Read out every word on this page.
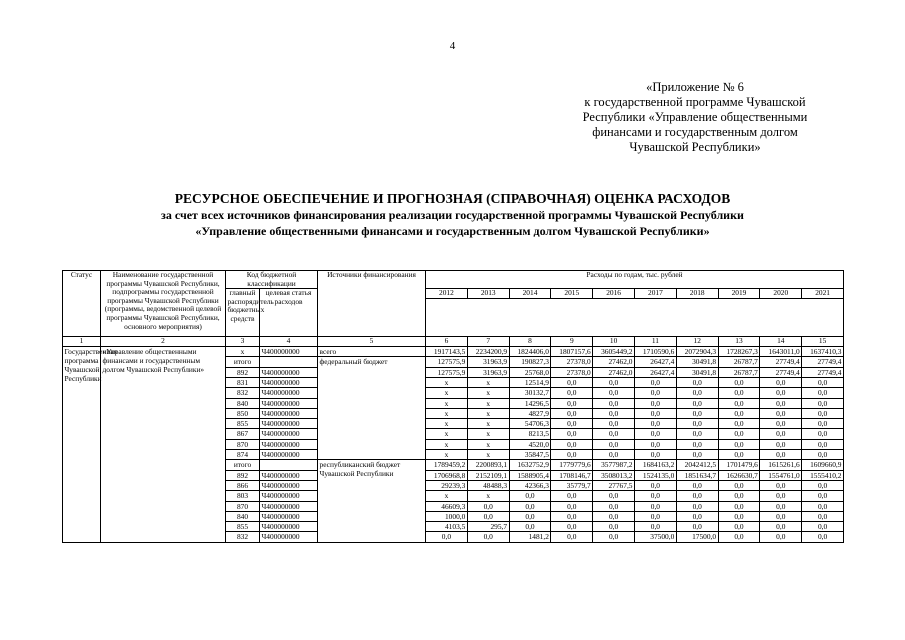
4
«Приложение № 6
к государственной программе Чувашской
Республики «Управление общественными
финансами и государственным долгом
Чувашской Республики»
РЕСУРСНОЕ ОБЕСПЕЧЕНИЕ И ПРОГНОЗНАЯ (СПРАВОЧНАЯ) ОЦЕНКА РАСХОДОВ
за счет всех источников финансирования реализации государственной программы Чувашской Республики
«Управление общественными финансами и государственным долгом Чувашской Республики»
Статус	Наименование государственной программы Чувашской Республики, подпрограммы государственной программы Чувашской Республики (программы, ведомственной целевой программы Чувашской Республики, основного мероприятия)	Код бюджетной классификации		Источники финансирования	Расходы по годам, тыс. рублей									
		главный распорядитель бюджетных средств	целевая статья расходов		2012	2013	2014	2015	2016	2017	2018	2019	2020	2021

1	2	3	4	5	6	7	8	9	10	11	12	13	14	15
Государственная программа Чувашской Республики	«Управление общественными финансами и государственным долгом Чувашской Республики»	х	Ч400000000	всего	1917143,5	2234200,9	1824406,0	1807157,6	3605449,2	1710590,6	2072904,3	1728267,3	1643011,0	1637410,3
		итого		федеральный бюджет	127575,9	31963,9	190827,3	27378,0	27462,0	26427,4	30491,8	26787,7	27749,4	27749,4
		892	Ч400000000		127575,9	31963,9	25768,0	27378,0	27462,0	26427,4	30491,8	26787,7	27749,4	27749,4
		831	Ч400000000		х	х	12514,9	0,0	0,0	0,0	0,0	0,0	0,0	0,0
		832	Ч400000000		х	х	30132,7	0,0	0,0	0,0	0,0	0,0	0,0	0,0
		840	Ч400000000		х	х	14296,5	0,0	0,0	0,0	0,0	0,0	0,0	0,0
		850	Ч400000000		х	х	4827,9	0,0	0,0	0,0	0,0	0,0	0,0	0,0
		855	Ч400000000		х	х	54706,3	0,0	0,0	0,0	0,0	0,0	0,0	0,0
		867	Ч400000000		х	х	8213,5	0,0	0,0	0,0	0,0	0,0	0,0	0,0
		870	Ч400000000		х	х	4520,0	0,0	0,0	0,0	0,0	0,0	0,0	0,0
		874	Ч400000000		х	х	35847,5	0,0	0,0	0,0	0,0	0,0	0,0	0,0
		итого		республиканский бюджет Чувашской Республики	1789459,2	2200893,1	1632752,9	1779779,6	3577987,2	1684163,2	2042412,5	1701479,6	1615261,6	1609660,9
		892	Ч400000000		1706968,8	2152109,1	1588905,4	1708146,7	3508013,2	1524135,0	1851634,7	1626630,7	1554761,0	1555410,2
		866	Ч400000000		29239,3	48488,3	42366,3	35779,7	27767,5	0,0	0,0	0,0	0,0	0,0
		803	Ч400000000		х	х	0,0	0,0	0,0	0,0	0,0	0,0	0,0	0,0
		870	Ч400000000		46609,3	0,0	0,0	0,0	0,0	0,0	0,0	0,0	0,0	0,0
		840	Ч400000000		1000,0	0,0	0,0	0,0	0,0	0,0	0,0	0,0	0,0	0,0
		855	Ч400000000		4103,5	295,7	0,0	0,0	0,0	0,0	0,0	0,0	0,0	0,0
		832	Ч400000000		0,0	0,0	1481,2	0,0	0,0	37500,0	17500,0	0,0	0,0	0,0
